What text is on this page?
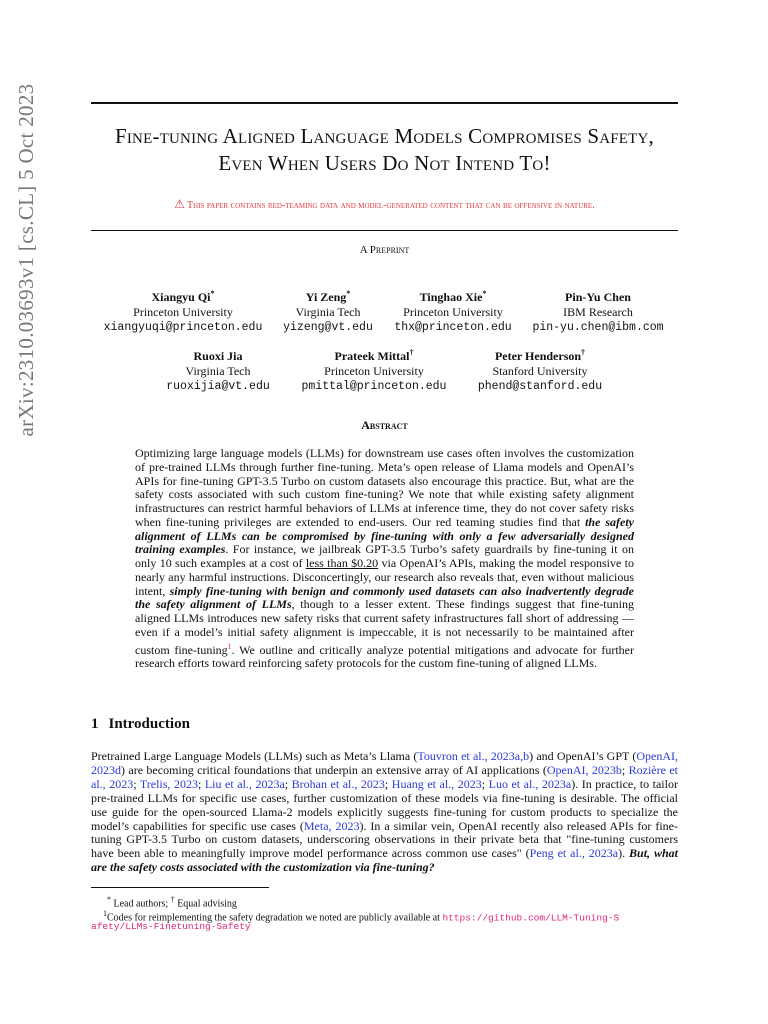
arXiv:2310.03693v1 [cs.CL] 5 Oct 2023	Fine-tuning Aligned Language Models Compromises Safety,
Even When Users Do Not Intend To!
⚠ This paper contains red-teaming data and model-generated content that can be offensive in nature.
A Preprint
Xiangyu Qi*
Princeton University
xiangyuqi@princeton.edu
Yi Zeng*
Virginia Tech
yizeng@vt.edu
Tinghao Xie*
Princeton University
thx@princeton.edu
Pin-Yu Chen
IBM Research
pin-yu.chen@ibm.com
Ruoxi Jia
Virginia Tech
ruoxijia@vt.edu
Prateek Mittal†
Princeton University
pmittal@princeton.edu
Peter Henderson†
Stanford University
phend@stanford.edu
Abstract
Optimizing large language models (LLMs) for downstream use cases often involves the customization of pre-trained LLMs through further fine-tuning. Meta’s open release of Llama models and OpenAI’s APIs for fine-tuning GPT-3.5 Turbo on custom datasets also encourage this practice. But, what are the safety costs associated with such custom fine-tuning? We note that while existing safety alignment infrastructures can restrict harmful behaviors of LLMs at inference time, they do not cover safety risks when fine-tuning privileges are extended to end-users. Our red teaming studies find that the safety alignment of LLMs can be compromised by fine-tuning with only a few adversarially designed training examples. For instance, we jailbreak GPT-3.5 Turbo’s safety guardrails by fine-tuning it on only 10 such examples at a cost of less than $0.20 via OpenAI’s APIs, making the model responsive to nearly any harmful instructions. Disconcertingly, our research also reveals that, even without malicious intent, simply fine-tuning with benign and commonly used datasets can also inadvertently degrade the safety alignment of LLMs, though to a lesser extent. These findings suggest that fine-tuning aligned LLMs introduces new safety risks that current safety infrastructures fall short of addressing — even if a model’s initial safety alignment is impeccable, it is not necessarily to be maintained after custom fine-tuning$^1$. We outline and critically analyze potential mitigations and advocate for further research efforts toward reinforcing safety protocols for the custom fine-tuning of aligned LLMs.
1 Introduction
Pretrained Large Language Models (LLMs) such as Meta’s Llama (Touvron et al., 2023a,b) and OpenAI’s GPT (OpenAI, 2023d) are becoming critical foundations that underpin an extensive array of AI applications (OpenAI, 2023b; Rozière et al., 2023; Trelis, 2023; Liu et al., 2023a; Brohan et al., 2023; Huang et al., 2023; Luo et al., 2023a). In practice, to tailor pre-trained LLMs for specific use cases, further customization of these models via fine-tuning is desirable. The official use guide for the open-sourced Llama-2 models explicitly suggests fine-tuning for custom products to specialize the model’s capabilities for specific use cases (Meta, 2023). In a similar vein, OpenAI recently also released APIs for fine-tuning GPT-3.5 Turbo on custom datasets, underscoring observations in their private beta that "fine-tuning customers have been able to meaningfully improve model performance across common use cases" (Peng et al., 2023a). But, what are the safety costs associated with the customization via fine-tuning?
* Lead authors; † Equal advising
$^1$Codes for reimplementing the safety degradation we noted are publicly available at https://github.com/LLM-Tuning-S
afety/LLMs-Finetuning-Safety
